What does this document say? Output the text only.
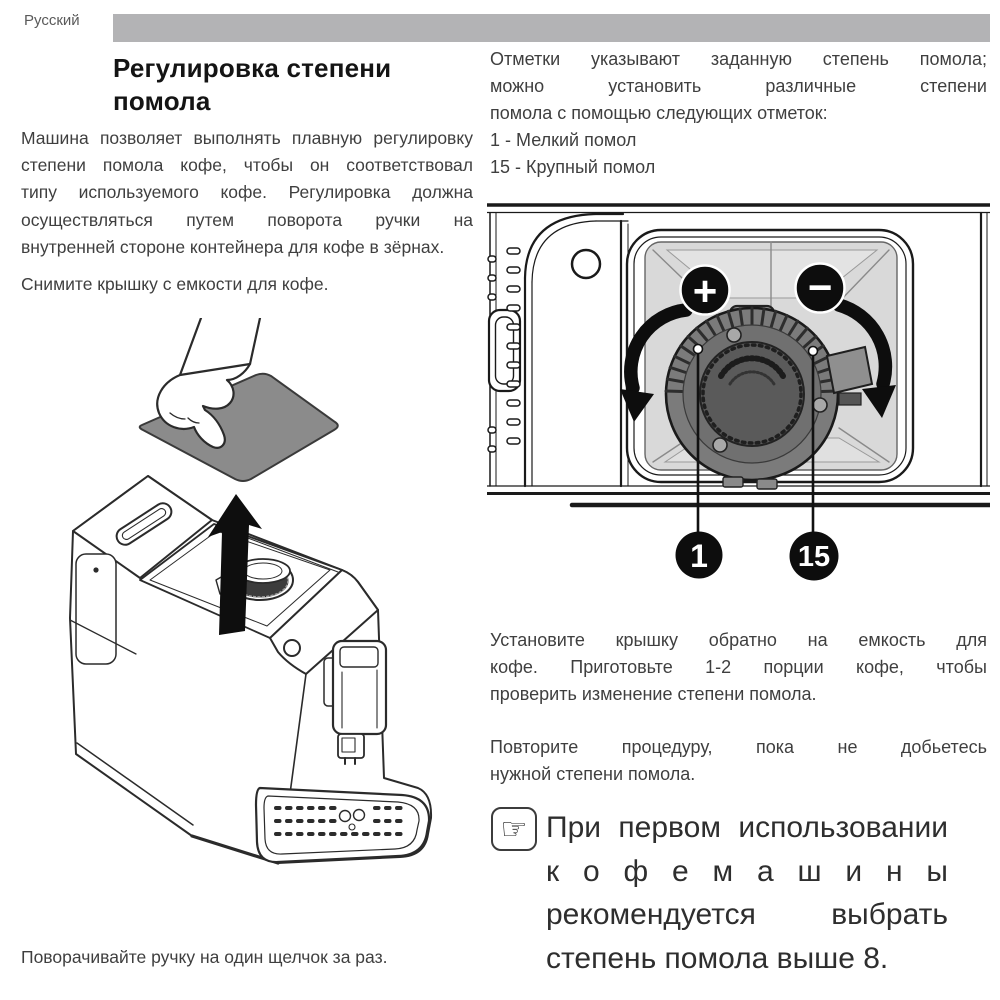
Русский
Регулировка степени
помола
Машина позволяет выполнять плавную регулировку
степени помола кофе, чтобы он соответствовал
типу используемого кофе. Регулировка должна
осуществляться путем поворота ручки на
внутренней стороне контейнера для кофе в зёрнах.
Снимите крышку с емкости для кофе.
Поворачивайте ручку на один щелчок за раз.
Отметки указывают заданную степень помола;
можно	установить	различные	степени
помола с помощью следующих отметок:
1 - Мелкий помол
15 - Крупный помол
+ −
1	15
Установите крышку обратно на емкость для
кофе. Приготовьте 1-2 порции кофе, чтобы
проверить изменение степени помола.
Повторите процедуру, пока не добьетесь
нужной степени помола.
☞ При первом использовании
к о ф е м а ш и н ы
рекомендуется	выбрать
степень помола выше 8.
